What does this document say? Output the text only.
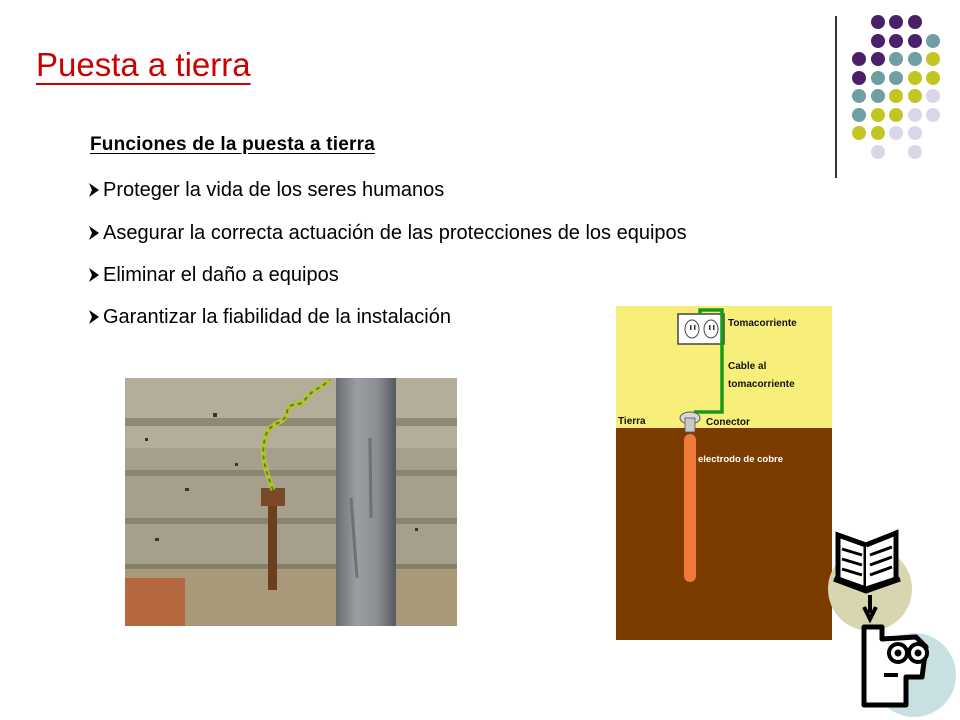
Puesta a tierra
Funciones de la puesta a tierra
Proteger la vida de los seres humanos
Asegurar la correcta actuación de las protecciones de los equipos
Eliminar el daño a equipos
Garantizar la fiabilidad de la instalación	Tomacorriente
Cable al
tomacorriente
Tierra	Conector
electrodo de cobre
